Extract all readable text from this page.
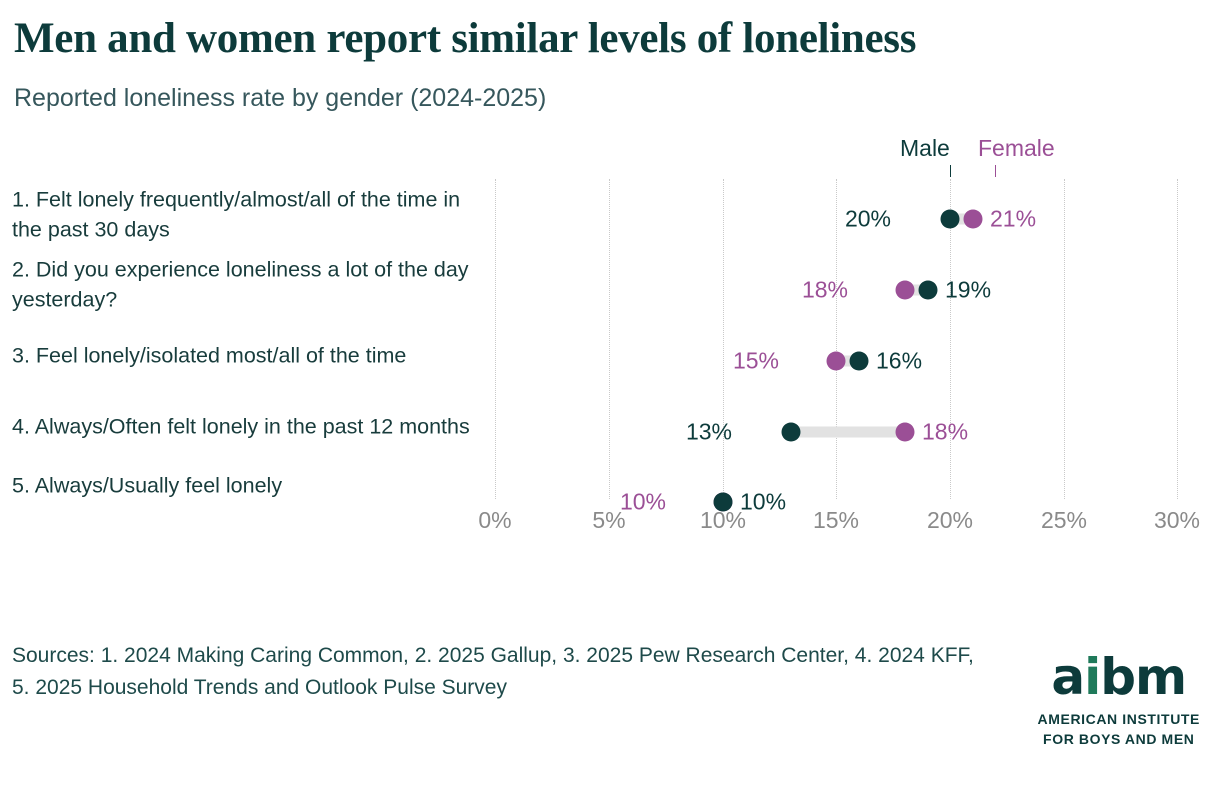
Men and women report similar levels of loneliness
Reported loneliness rate by gender (2024-2025)
Male Female
1. Felt lonely frequently/almost/all of the time in the past 30 days
2. Did you experience loneliness a lot of the day yesterday?
3. Feel lonely/isolated most/all of the time
4. Always/Often felt lonely in the past 12 months
5. Always/Usually feel lonely
20%	21%
18%	19%
15%	16%
13%	18%
10%	10%
0%	5%	10%	15%	20%	25%	30%
Sources: 1. 2024 Making Caring Common, 2. 2025 Gallup, 3. 2025 Pew Research Center, 4. 2024 KFF, 5. 2025 Household Trends and Outlook Pulse Survey	aibm
AMERICAN INSTITUTE
FOR BOYS AND MEN
